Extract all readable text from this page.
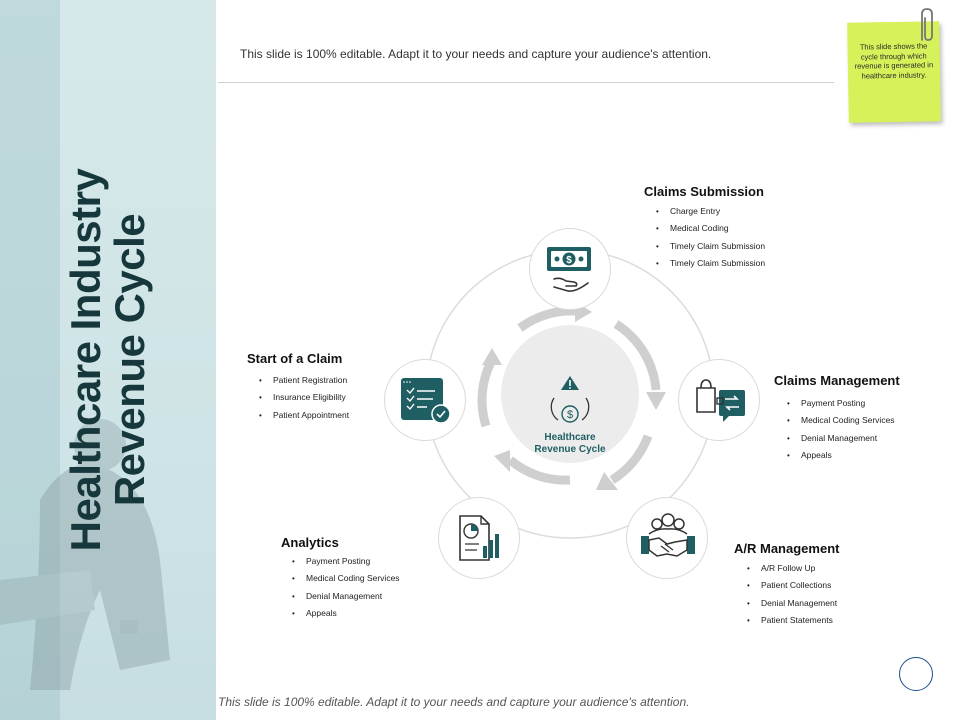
Healthcare Industry
Revenue Cycle
This slide is 100% editable. Adapt it to your needs and capture your audience's attention.
This slide shows the cycle through which revenue is generated in healthcare industry.
$
Healthcare
Revenue Cycle
$
Claims Submission
• Charge Entry
• Medical Coding
• Timely Claim Submission
• Timely Claim Submission
Claims Management
• Payment Posting
• Medical Coding Services
• Denial Management
• Appeals
A/R Management
• A/R Follow Up
• Patient Collections
• Denial Management
• Patient Statements
Analytics
• Payment Posting
• Medical Coding Services
• Denial Management
• Appeals
Start of a Claim
• Patient Registration
• Insurance Eligibility
• Patient Appointment
This slide is 100% editable. Adapt it to your needs and capture your audience's attention.
